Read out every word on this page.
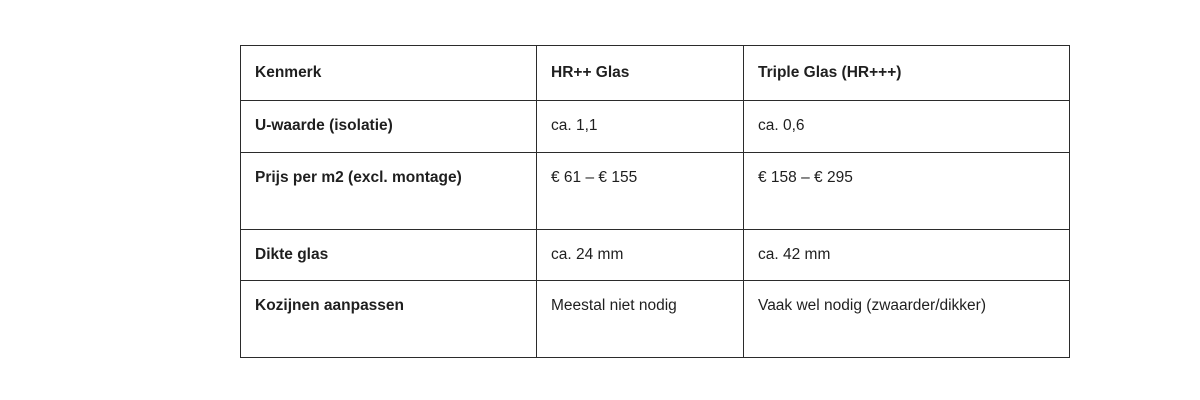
Kenmerk	HR++ Glas	Triple Glas (HR+++)
U-waarde (isolatie)	ca. 1,1	ca. 0,6
Prijs per m2 (excl. montage)	€ 61 – € 155	€ 158 – € 295
Dikte glas	ca. 24 mm	ca. 42 mm
Kozijnen aanpassen	Meestal niet nodig	Vaak wel nodig (zwaarder/dikker)
